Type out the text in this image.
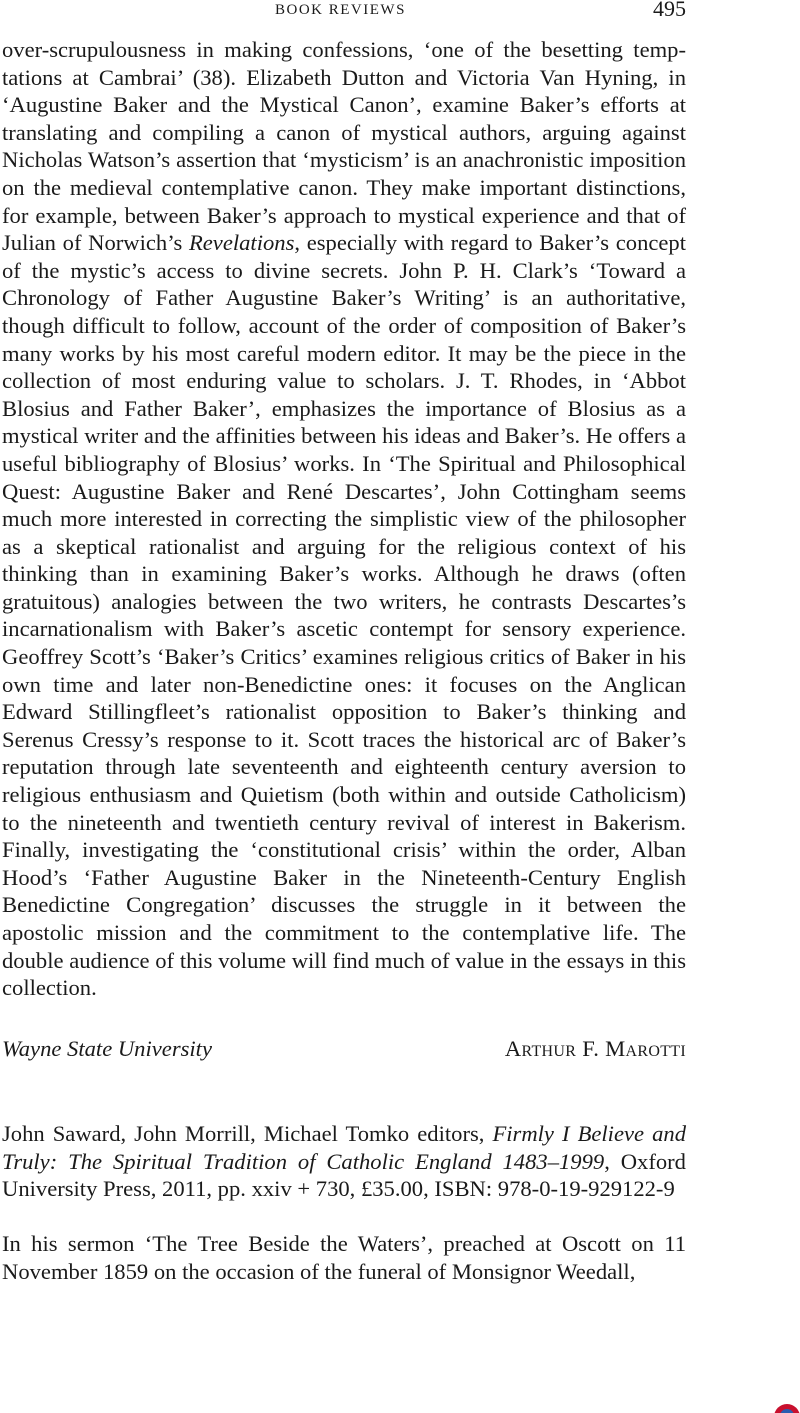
BOOK REVIEWS	495

over-scrupulousness in making confessions, ‘one of the besetting temptations at Cambrai’ (38). Elizabeth Dutton and Victoria Van Hyning, in ‘Augustine Baker and the Mystical Canon’, examine Baker’s efforts at translating and compiling a canon of mystical authors, arguing against Nicholas Watson’s assertion that ‘mysticism’ is an anachronistic imposition on the medieval contemplative canon. They make important distinctions, for example, between Baker’s approach to mystical experience and that of Julian of Norwich’s Revelations, especially with regard to Baker’s concept of the mystic’s access to divine secrets. John P. H. Clark’s ‘Toward a Chronology of Father Augustine Baker’s Writing’ is an authoritative, though difficult to follow, account of the order of composition of Baker’s many works by his most careful modern editor. It may be the piece in the collection of most enduring value to scholars. J. T. Rhodes, in ‘Abbot Blosius and Father Baker’, emphasizes the importance of Blosius as a mystical writer and the affinities between his ideas and Baker’s. He offers a useful bibliography of Blosius’ works. In ‘The Spiritual and Philosophical Quest: Augustine Baker and René Descartes’, John Cottingham seems much more interested in correcting the simplistic view of the philosopher as a skeptical rationalist and arguing for the religious context of his thinking than in examining Baker’s works. Although he draws (often gratuitous) analogies between the two writers, he contrasts Descartes’s incarnationalism with Baker’s ascetic contempt for sensory experience. Geoffrey Scott’s ‘Baker’s Critics’ examines religious critics of Baker in his own time and later non-Benedictine ones: it focuses on the Anglican Edward Stillingfleet’s rationalist opposition to Baker’s thinking and Serenus Cressy’s response to it. Scott traces the historical arc of Baker’s reputation through late seventeenth and eighteenth century aversion to religious enthusiasm and Quietism (both within and outside Catholicism) to the nineteenth and twentieth century revival of interest in Bakerism. Finally, investigating the ‘constitutional crisis’ within the order, Alban Hood’s ‘Father Augustine Baker in the Nineteenth-Century English Benedictine Congregation’ discusses the struggle in it between the apostolic mission and the commitment to the contemplative life. The double audience of this volume will find much of value in the essays in this collection.

Wayne State University	Arthur F. Marotti
John Saward, John Morrill, Michael Tomko editors, Firmly I Believe and Truly: The Spiritual Tradition of Catholic England 1483–1999, Oxford University Press, 2011, pp. xxiv + 730, £35.00, ISBN: 978-0-19-929122-9
In his sermon ‘The Tree Beside the Waters’, preached at Oscott on 11 November 1859 on the occasion of the funeral of Monsignor Weedall,
